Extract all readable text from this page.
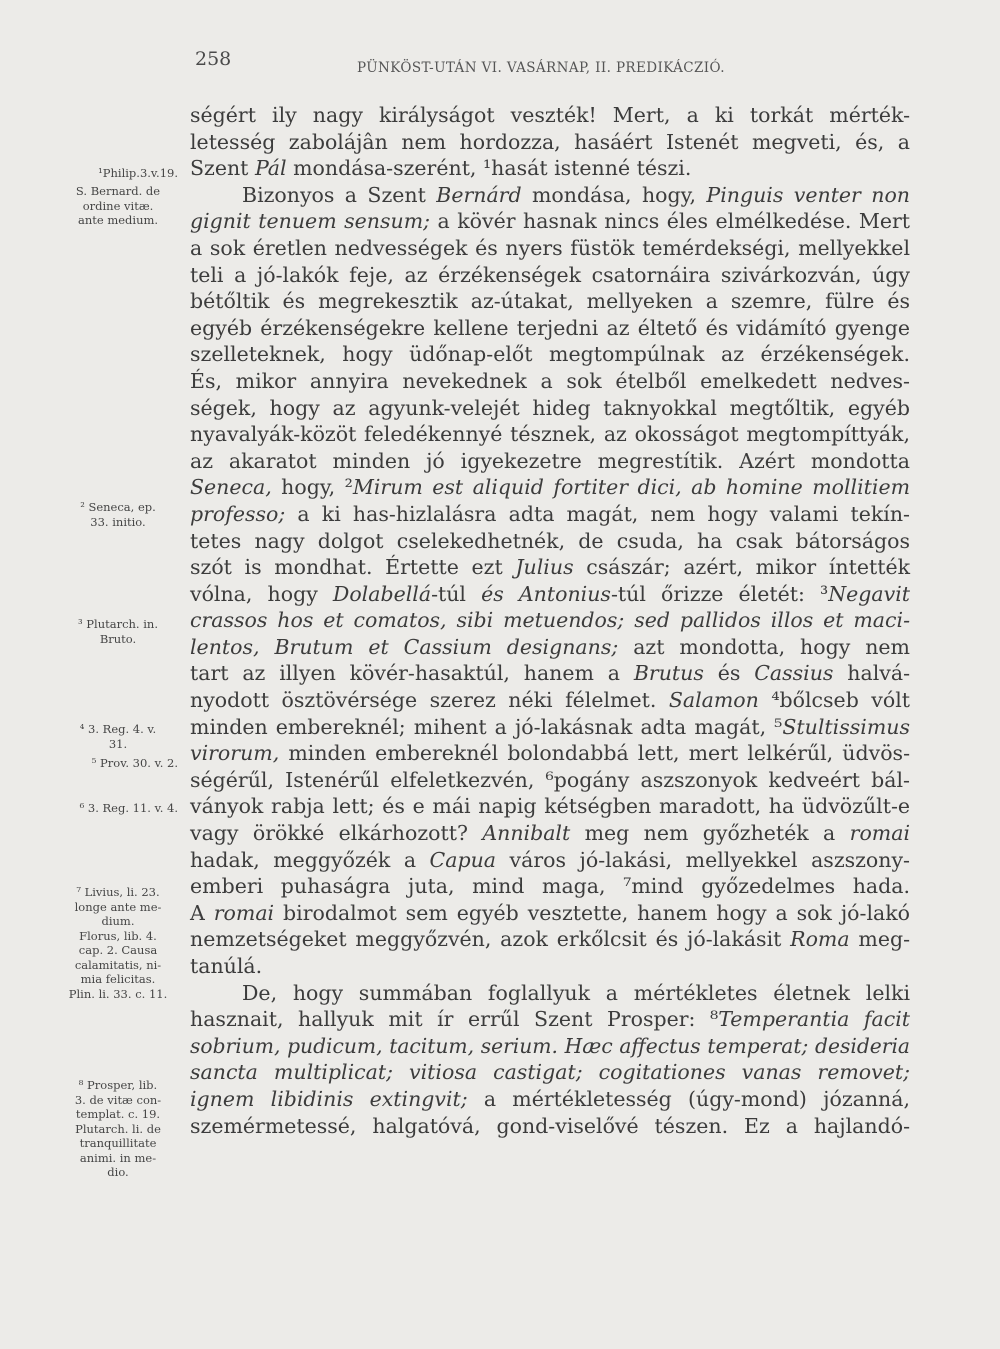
258	PÜNKÖST-UTÁN VI. VASÁRNAP, II. PREDIKÁCZIÓ.
ségért ily nagy királyságot veszték! Mert, a ki torkát mérték-
letesség zabolájân nem hordozza, hasáért Istenét megveti, és, a
Szent Pál mondása-szerént, ¹hasát istenné tészi.
Bizonyos a Szent Bernárd mondása, hogy, Pinguis venter non
gignit tenuem sensum; a kövér hasnak nincs éles elmélkedése. Mert
a sok éretlen nedvességek és nyers füstök temérdekségi, mellyekkel
teli a jó-lakók feje, az érzékenségek csatornáira szivárkozván, úgy
bétőltik és megrekesztik az-útakat, mellyeken a szemre, fülre és
egyéb érzékenségekre kellene terjedni az éltető és vidámító gyenge
szelleteknek, hogy üdőnap-előt megtompúlnak az érzékenségek.
És, mikor annyira nevekednek a sok ételből emelkedett nedves-
ségek, hogy az agyunk-velejét hideg taknyokkal megtőltik, egyéb
nyavalyák-közöt feledékennyé tésznek, az okosságot megtompíttyák,
az akaratot minden jó igyekezetre megrestítik. Azért mondotta
Seneca, hogy, ²Mirum est aliquid fortiter dici, ab homine mollitiem
professo; a ki has-hizlalásra adta magát, nem hogy valami tekín-
tetes nagy dolgot cselekedhetnék, de csuda, ha csak bátorságos
szót is mondhat. Értette ezt Julius császár; azért, mikor íntették
vólna, hogy Dolabellá-túl és Antonius-túl őrizze életét: ³Negavit
crassos hos et comatos, sibi metuendos; sed pallidos illos et maci-
lentos, Brutum et Cassium designans; azt mondotta, hogy nem
tart az illyen kövér-hasaktúl, hanem a Brutus és Cassius halvá-
nyodott ösztövérsége szerez néki félelmet. Salamon ⁴bőlcseb vólt
minden embereknél; mihent a jó-lakásnak adta magát, ⁵Stultissimus
virorum, minden embereknél bolondabbá lett, mert lelkérűl, üdvös-
ségérűl, Istenérűl elfeletkezvén, ⁶pogány aszszonyok kedveért bál-
ványok rabja lett; és e mái napig kétségben maradott, ha üdvözűlt-e
vagy örökké elkárhozott? Annibalt meg nem győzheték a romai
hadak, meggyőzék a Capua város jó-lakási, mellyekkel aszszony-
emberi puhaságra juta, mind maga, ⁷mind győzedelmes hada.
A romai birodalmot sem egyéb vesztette, hanem hogy a sok jó-lakó
nemzetségeket meggyőzvén, azok erkőlcsit és jó-lakásit Roma meg-
tanúlá.
De, hogy summában foglallyuk a mértékletes életnek lelki
hasznait, hallyuk mit ír errűl Szent Prosper: ⁸Temperantia facit
sobrium, pudicum, tacitum, serium. Hæc affectus temperat; desideria
sancta multiplicat; vitiosa castigat; cogitationes vanas removet;
ignem libidinis extingvit; a mértékletesség (úgy-mond) józanná,
szemérmetessé, halgatóvá, gond-viselővé tészen. Ez a hajlandó-
¹Philip.3.v.19.
S. Bernard. de
ordine vitæ.
ante medium.
² Seneca, ep.
33. initio.
³ Plutarch. in.
Bruto.
⁴ 3. Reg. 4. v.
31.
⁵ Prov. 30. v. 2.
⁶ 3. Reg. 11. v. 4.
⁷ Livius, li. 23.
longe ante me-
dium.
Florus, lib. 4.
cap. 2. Causa
calamitatis, ni-
mia felicitas.
Plin. li. 33. c. 11.
⁸ Prosper, lib.
3. de vitæ con-
templat. c. 19.
Plutarch. li. de
tranquillitate
animi. in me-
dio.
